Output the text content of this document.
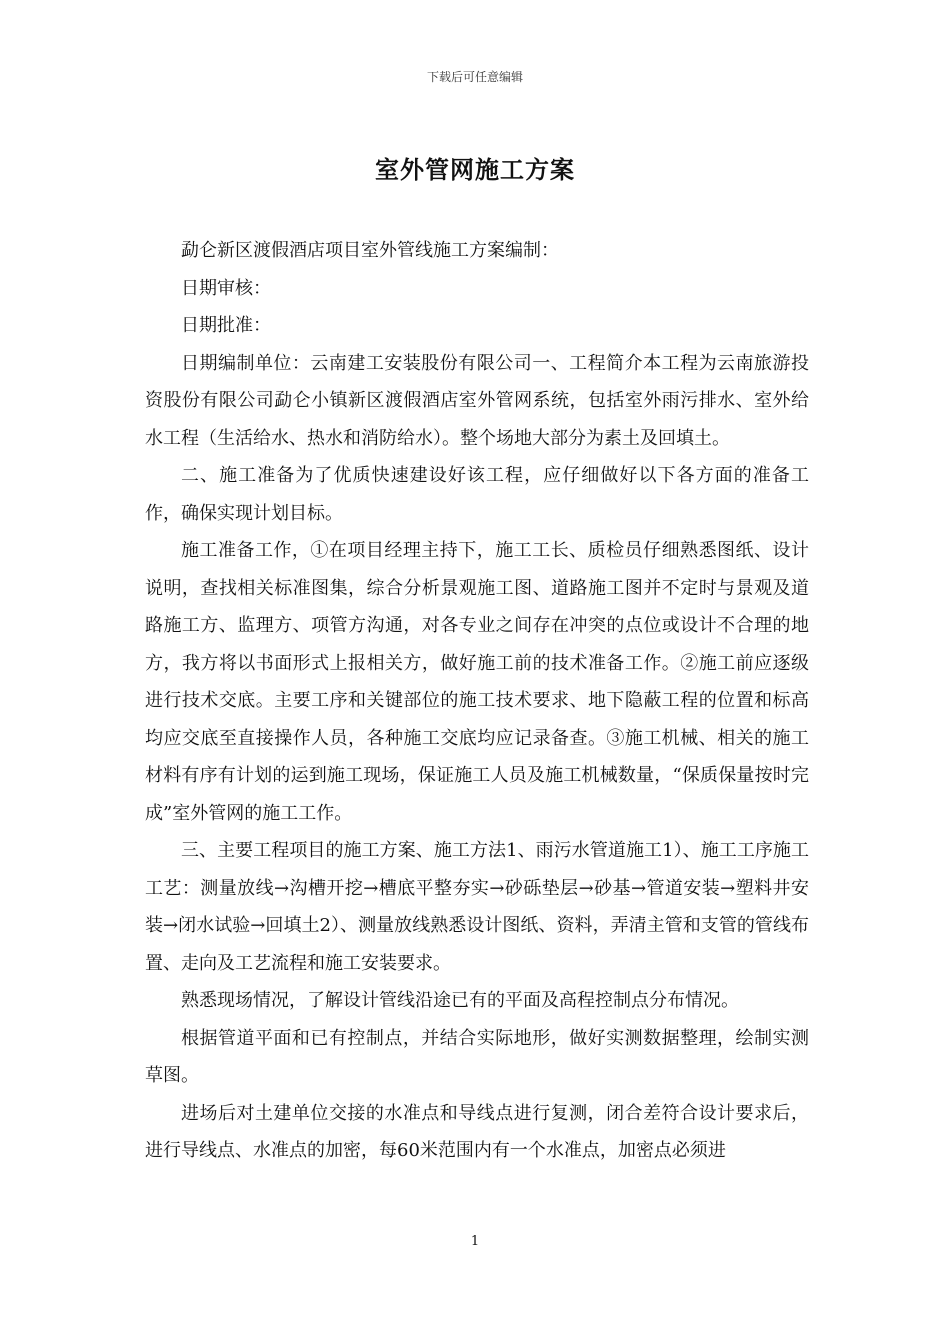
下载后可任意编辑
室外管网施工方案

勐仑新区渡假酒店项目室外管线施工方案编制：

日期审核：

日期批准：

日期编制单位：云南建工安装股份有限公司一、工程简介本工程为云南旅游投资股份有限公司勐仑小镇新区渡假酒店室外管网系统，包括室外雨污排水、室外给水工程（生活给水、热水和消防给水）。整个场地大部分为素土及回填土。

二、施工准备为了优质快速建设好该工程，应仔细做好以下各方面的准备工作，确保实现计划目标。

施工准备工作，①在项目经理主持下，施工工长、质检员仔细熟悉图纸、设计说明，查找相关标准图集，综合分析景观施工图、道路施工图并不定时与景观及道路施工方、监理方、项管方沟通，对各专业之间存在冲突的点位或设计不合理的地方，我方将以书面形式上报相关方，做好施工前的技术准备工作。②施工前应逐级进行技术交底。主要工序和关键部位的施工技术要求、地下隐蔽工程的位置和标高均应交底至直接操作人员，各种施工交底均应记录备查。③施工机械、相关的施工材料有序有计划的运到施工现场，保证施工人员及施工机械数量，“保质保量按时完成”室外管网的施工工作。

三、主要工程项目的施工方案、施工方法1、雨污水管道施工1）、施工工序施工工艺：测量放线→沟槽开挖→槽底平整夯实→砂砾垫层→砂基→管道安装→塑料井安装→闭水试验→回填土2）、测量放线熟悉设计图纸、资料，弄清主管和支管的管线布置、走向及工艺流程和施工安装要求。

熟悉现场情况，了解设计管线沿途已有的平面及高程控制点分布情况。

根据管道平面和已有控制点，并结合实际地形，做好实测数据整理，绘制实测草图。

进场后对土建单位交接的水准点和导线点进行复测，闭合差符合设计要求后，进行导线点、水准点的加密，每60米范围内有一个水准点，加密点必须进

1
